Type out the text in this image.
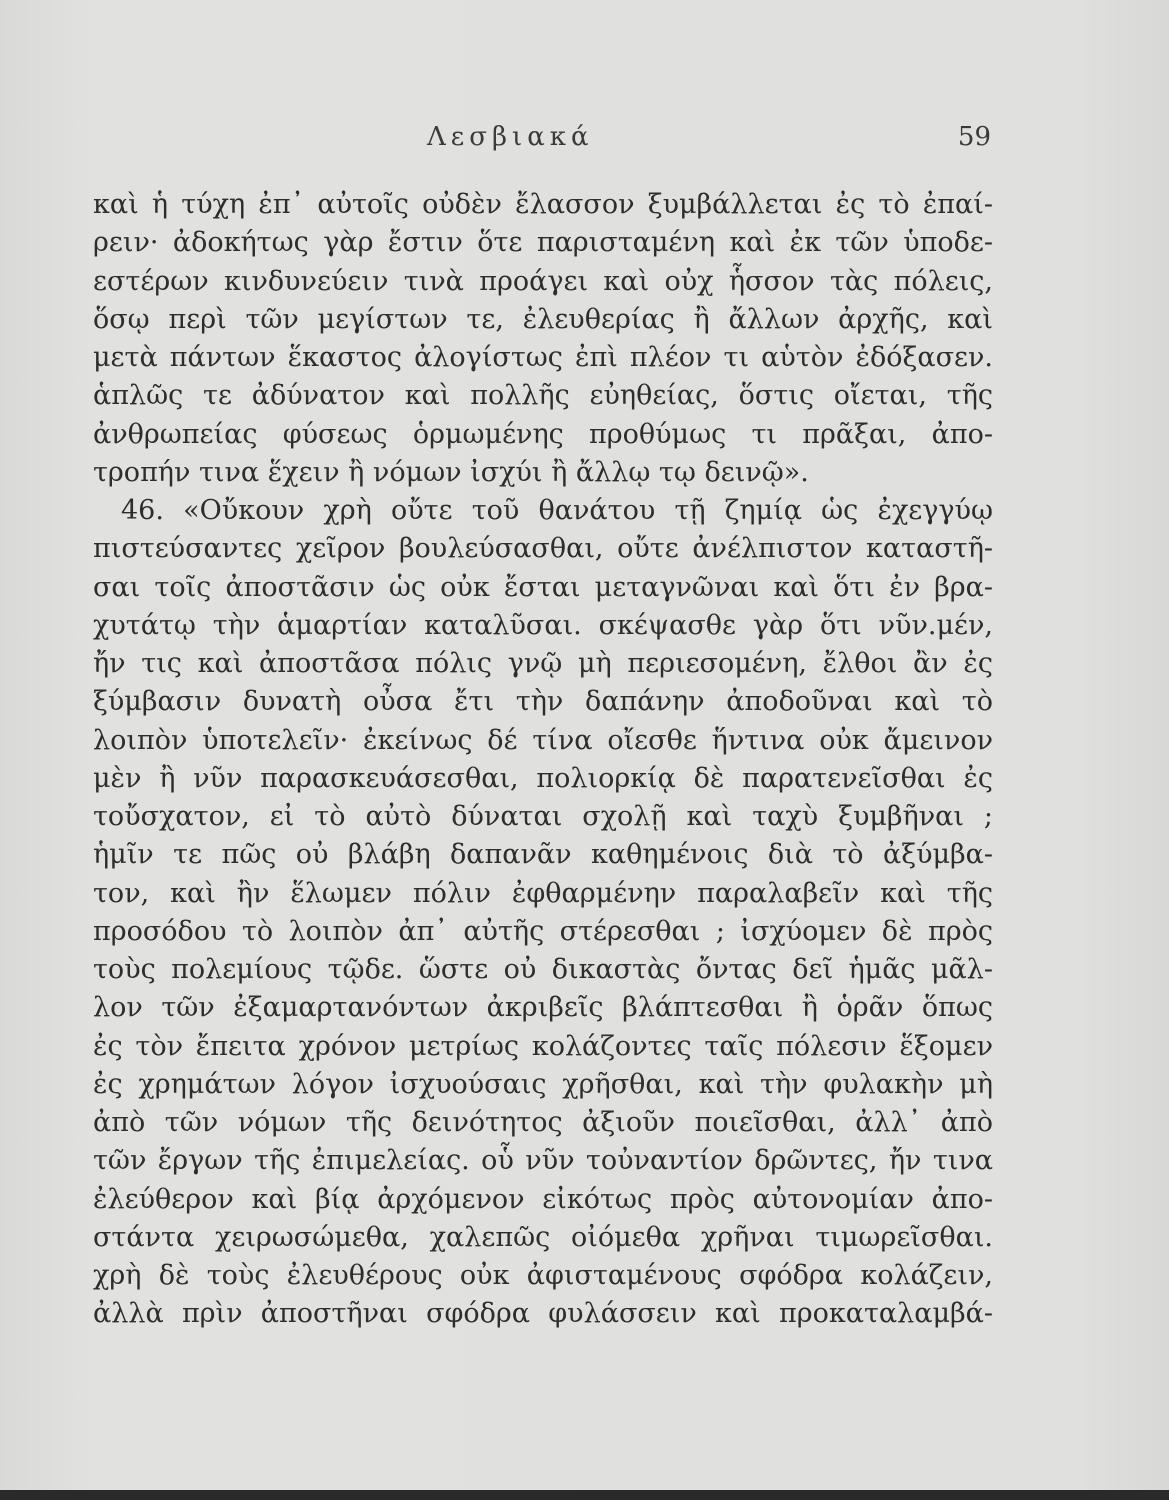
Λεσβιακά	59
καὶ ἡ τύχη ἐπ᾽ αὐτοῖς οὐδὲν ἔλασσον ξυμβάλλεται ἐς τὸ ἐπαί-
ρειν· ἀδοκήτως γὰρ ἔστιν ὅτε παρισταμένη καὶ ἐκ τῶν ὑποδε-
εστέρων κινδυνεύειν τινὰ προάγει καὶ οὐχ ἧσσον τὰς πόλεις,
ὅσῳ περὶ τῶν μεγίστων τε, ἐλευθερίας ἢ ἄλλων ἀρχῆς, καὶ
μετὰ πάντων ἕκαστος ἀλογίστως ἐπὶ πλέον τι αὑτὸν ἐδόξασεν.
ἁπλῶς τε ἀδύνατον καὶ πολλῆς εὐηθείας, ὅστις οἴεται, τῆς
ἀνθρωπείας φύσεως ὁρμωμένης προθύμως τι πρᾶξαι, ἀπο-
τροπήν τινα ἕχειν ἢ νόμων ἰσχύι ἢ ἄλλῳ τῳ δεινῷ».
46. «Οὔκουν χρὴ οὔτε τοῦ θανάτου τῇ ζημίᾳ ὡς ἐχεγγύῳ
πιστεύσαντες χεῖρον βουλεύσασθαι, οὔτε ἀνέλπιστον καταστῆ-
σαι τοῖς ἀποστᾶσιν ὡς οὐκ ἔσται μεταγνῶναι καὶ ὅτι ἐν βρα-
χυτάτῳ τὴν ἁμαρτίαν καταλῦσαι. σκέψασθε γὰρ ὅτι νῦν.μέν,
ἤν τις καὶ ἀποστᾶσα πόλις γνῷ μὴ περιεσομένη, ἔλθοι ἂν ἐς
ξύμβασιν δυνατὴ οὖσα ἔτι τὴν δαπάνην ἀποδοῦναι καὶ τὸ
λοιπὸν ὑποτελεῖν· ἐκείνως δέ τίνα οἴεσθε ἥντινα οὐκ ἄμεινον
μὲν ἢ νῦν παρασκευάσεσθαι, πολιορκίᾳ δὲ παρατενεῖσθαι ἐς
τοὔσχατον, εἰ τὸ αὐτὸ δύναται σχολῇ καὶ ταχὺ ξυμβῆναι ;
ἡμῖν τε πῶς οὐ βλάβη δαπανᾶν καθημένοις διὰ τὸ ἀξύμβα-
τον, καὶ ἢν ἕλωμεν πόλιν ἐφθαρμένην παραλαβεῖν καὶ τῆς
προσόδου τὸ λοιπὸν ἀπ᾽ αὐτῆς στέρεσθαι ; ἰσχύομεν δὲ πρὸς
τοὺς πολεμίους τῷδε. ὥστε οὐ δικαστὰς ὄντας δεῖ ἡμᾶς μᾶλ-
λον τῶν ἐξαμαρτανόντων ἀκριβεῖς βλάπτεσθαι ἢ ὁρᾶν ὅπως
ἐς τὸν ἔπειτα χρόνον μετρίως κολάζοντες ταῖς πόλεσιν ἕξομεν
ἐς χρημάτων λόγον ἰσχυούσαις χρῆσθαι, καὶ τὴν φυλακὴν μὴ
ἀπὸ τῶν νόμων τῆς δεινότητος ἀξιοῦν ποιεῖσθαι, ἀλλ᾽ ἀπὸ
τῶν ἔργων τῆς ἐπιμελείας. οὗ νῦν τοὐναντίον δρῶντες, ἤν τινα
ἐλεύθερον καὶ βίᾳ ἀρχόμενον εἰκότως πρὸς αὐτονομίαν ἀπο-
στάντα χειρωσώμεθα, χαλεπῶς οἰόμεθα χρῆναι τιμωρεῖσθαι.
χρὴ δὲ τοὺς ἐλευθέρους οὐκ ἀφισταμένους σφόδρα κολάζειν,
ἀλλὰ πρὶν ἀποστῆναι σφόδρα φυλάσσειν καὶ προκαταλαμβά-
